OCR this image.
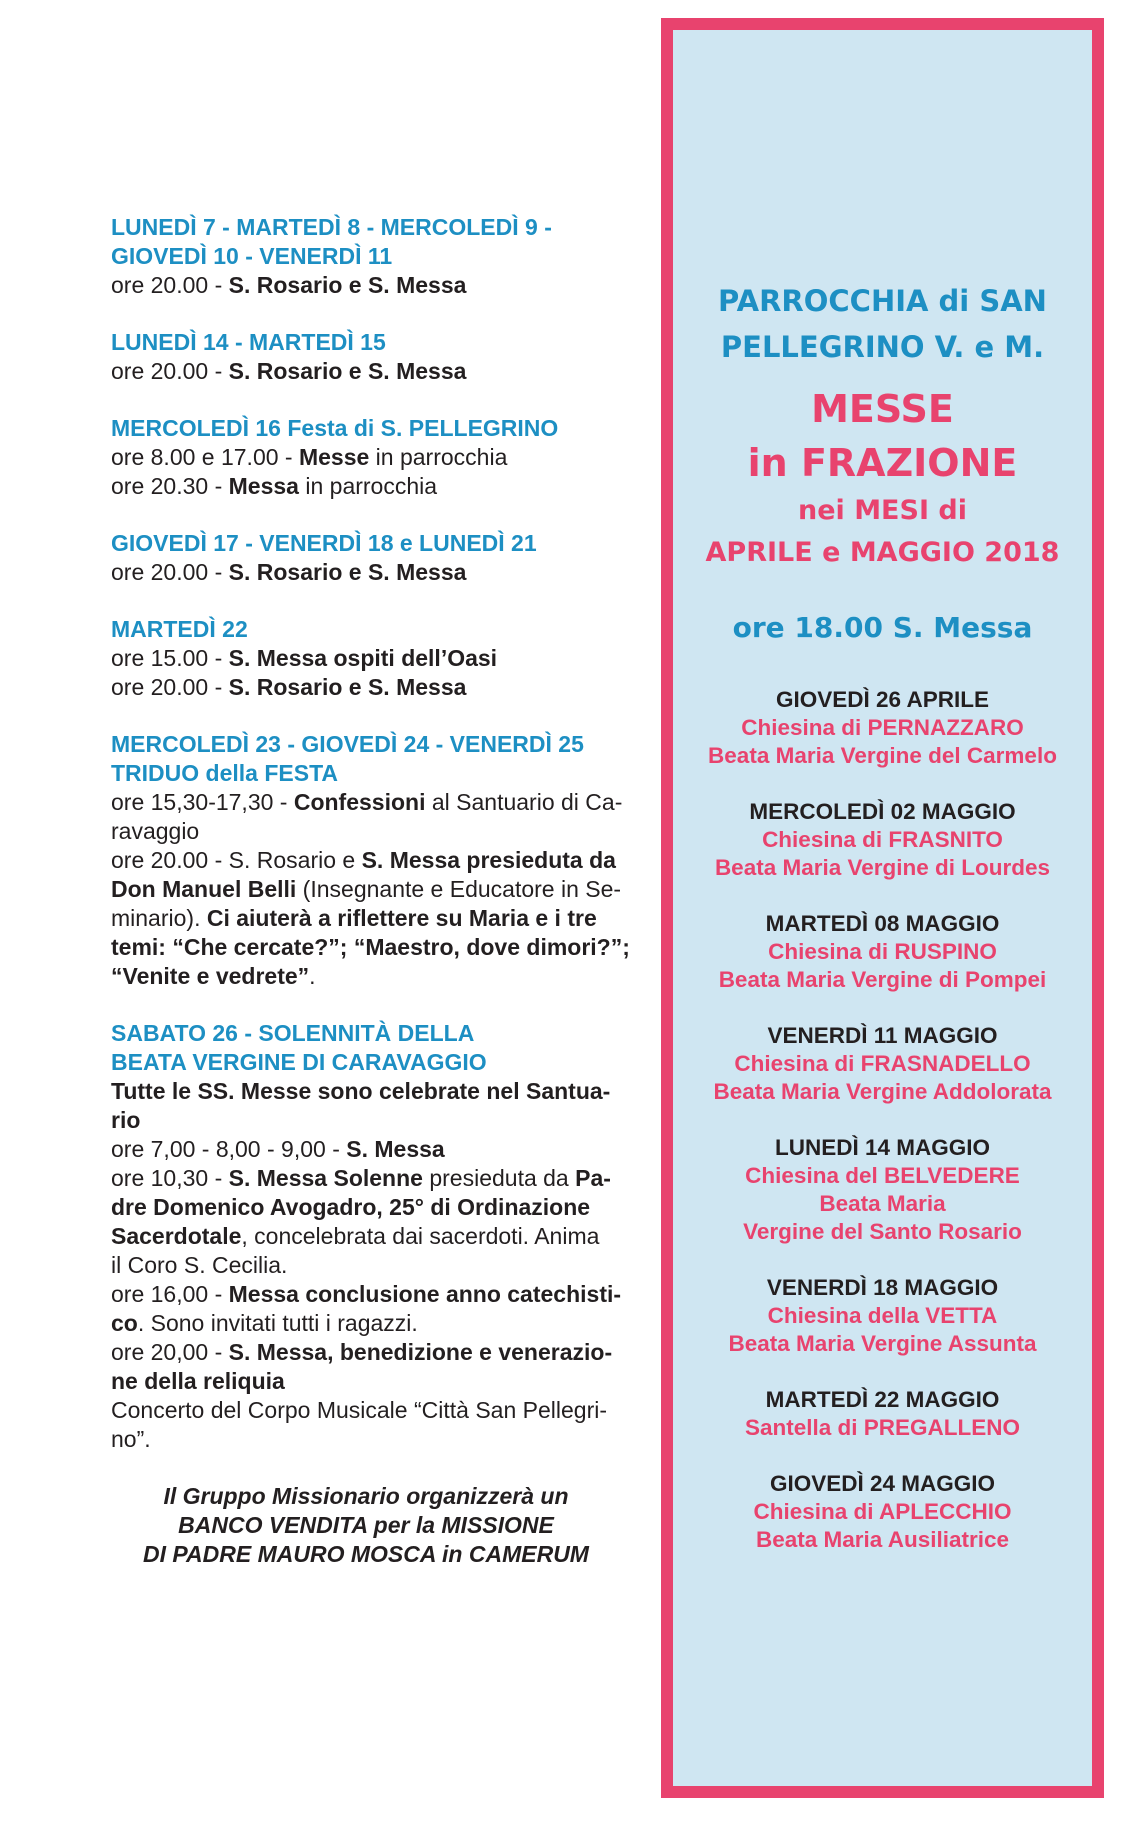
LUNEDÌ 7 - MARTEDÌ 8 - MERCOLEDÌ 9 -
GIOVEDÌ 10 - VENERDÌ 11
ore 20.00 - S. Rosario e S. Messa
LUNEDÌ 14 - MARTEDÌ 15
ore 20.00 - S. Rosario e S. Messa
MERCOLEDÌ 16 Festa di S. PELLEGRINO
ore 8.00 e 17.00 - Messe in parrocchia
ore 20.30 - Messa in parrocchia
GIOVEDÌ 17 - VENERDÌ 18 e LUNEDÌ 21
ore 20.00 - S. Rosario e S. Messa
MARTEDÌ 22
ore 15.00 - S. Messa ospiti dell’Oasi
ore 20.00 - S. Rosario e S. Messa
MERCOLEDÌ 23 - GIOVEDÌ 24 - VENERDÌ 25
TRIDUO della FESTA
ore 15,30-17,30 - Confessioni al Santuario di Ca-
ravaggio
ore 20.00 - S. Rosario e S. Messa presieduta da
Don Manuel Belli (Insegnante e Educatore in Se-
minario). Ci aiuterà a riflettere su Maria e i tre
temi: “Che cercate?”; “Maestro, dove dimori?”;
“Venite e vedrete”.
SABATO 26 - SOLENNITÀ DELLA
BEATA VERGINE DI CARAVAGGIO
Tutte le SS. Messe sono celebrate nel Santua-
rio
ore 7,00 - 8,00 - 9,00 - S. Messa
ore 10,30 - S. Messa Solenne presieduta da Pa-
dre Domenico Avogadro, 25° di Ordinazione
Sacerdotale, concelebrata dai sacerdoti. Anima
il Coro S. Cecilia.
ore 16,00 - Messa conclusione anno catechisti-
co. Sono invitati tutti i ragazzi.
ore 20,00 - S. Messa, benedizione e venerazio-
ne della reliquia
Concerto del Corpo Musicale “Città San Pellegri-
no”.
Il Gruppo Missionario organizzerà un
BANCO VENDITA per la MISSIONE
DI PADRE MAURO MOSCA in CAMERUM
PARROCCHIA di SAN
PELLEGRINO V. e M.
MESSE
in FRAZIONE
nei MESI di
APRILE e MAGGIO 2018
ore 18.00 S. Messa
GIOVEDÌ 26 APRILE
Chiesina di PERNAZZARO
Beata Maria Vergine del Carmelo
MERCOLEDÌ 02 MAGGIO
Chiesina di FRASNITO
Beata Maria Vergine di Lourdes
MARTEDÌ 08 MAGGIO
Chiesina di RUSPINO
Beata Maria Vergine di Pompei
VENERDÌ 11 MAGGIO
Chiesina di FRASNADELLO
Beata Maria Vergine Addolorata
LUNEDÌ 14 MAGGIO
Chiesina del BELVEDERE
Beata Maria
Vergine del Santo Rosario
VENERDÌ 18 MAGGIO
Chiesina della VETTA
Beata Maria Vergine Assunta
MARTEDÌ 22 MAGGIO
Santella di PREGALLENO
GIOVEDÌ 24 MAGGIO
Chiesina di APLECCHIO
Beata Maria Ausiliatrice
